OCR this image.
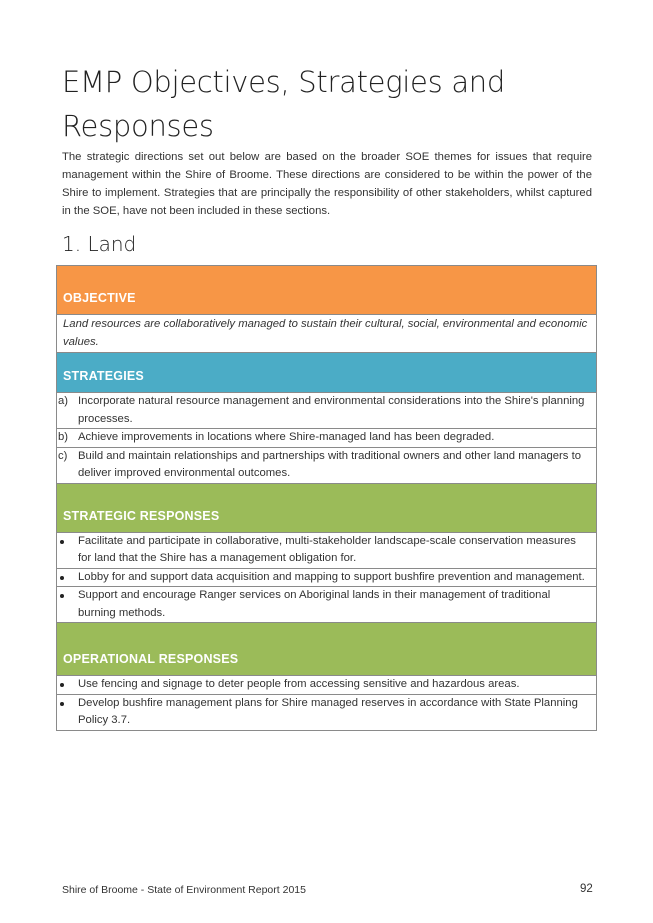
EMP Objectives, Strategies and Responses

The strategic directions set out below are based on the broader SOE themes for issues that require management within the Shire of Broome. These directions are considered to be within the power of the Shire to implement. Strategies that are principally the responsibility of other stakeholders, whilst captured in the SOE, have not been included in these sections.

1. Land
OBJECTIVE
Land resources are collaboratively managed to sustain their cultural, social, environmental and economic values.
STRATEGIES
a) Incorporate natural resource management and environmental considerations into the Shire's planning processes.
b) Achieve improvements in locations where Shire-managed land has been degraded.
c) Build and maintain relationships and partnerships with traditional owners and other land managers to deliver improved environmental outcomes.
STRATEGIC RESPONSES
Facilitate and participate in collaborative, multi-stakeholder landscape-scale conservation measures for land that the Shire has a management obligation for.
Lobby for and support data acquisition and mapping to support bushfire prevention and management.
Support and encourage Ranger services on Aboriginal lands in their management of traditional burning methods.
OPERATIONAL RESPONSES
Use fencing and signage to deter people from accessing sensitive and hazardous areas.
Develop bushfire management plans for Shire managed reserves in accordance with State Planning Policy 3.7.
Shire of Broome - State of Environment Report 2015	92
